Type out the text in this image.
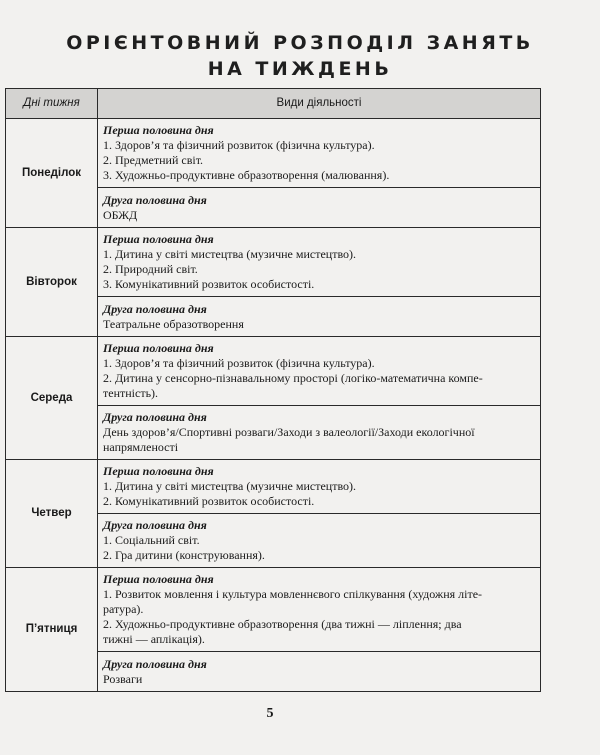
ОРІЄНТОВНИЙ РОЗПОДІЛ ЗАНЯТЬ
НА ТИЖДЕНЬ
Дні тижня	Види діяльності
Понеділок	Перша половина дня
1. Здоров’я та фізичний розвиток (фізична культура).
2. Предметний світ.
3. Художньо-продуктивне образотворення (малювання).

	Друга половина дня
ОБЖД

Вівторок	Перша половина дня
1. Дитина у світі мистецтва (музичне мистецтво).
2. Природний світ.
3. Комунікативний розвиток особистості.

	Друга половина дня
Театральне образотворення

Середа	Перша половина дня
1. Здоров’я та фізичний розвиток (фізична культура).
2. Дитина у сенсорно-пізнавальному просторі (логіко-математична компе-
тентність).

	Друга половина дня
День здоров’я/Спортивні розваги/Заходи з валеології/Заходи екологічної
напрямленості

Четвер	Перша половина дня
1. Дитина у світі мистецтва (музичне мистецтво).
2. Комунікативний розвиток особистості.

	Друга половина дня
1. Соціальний світ.
2. Гра дитини (конструювання).

П’ятниця	Перша половина дня
1. Розвиток мовлення і культура мовленнєвого спілкування (художня літе-
ратура).
2. Художньо-продуктивне образотворення (два тижні — ліплення; два
тижні — аплікація).

	Друга половина дня
Розваги
5
